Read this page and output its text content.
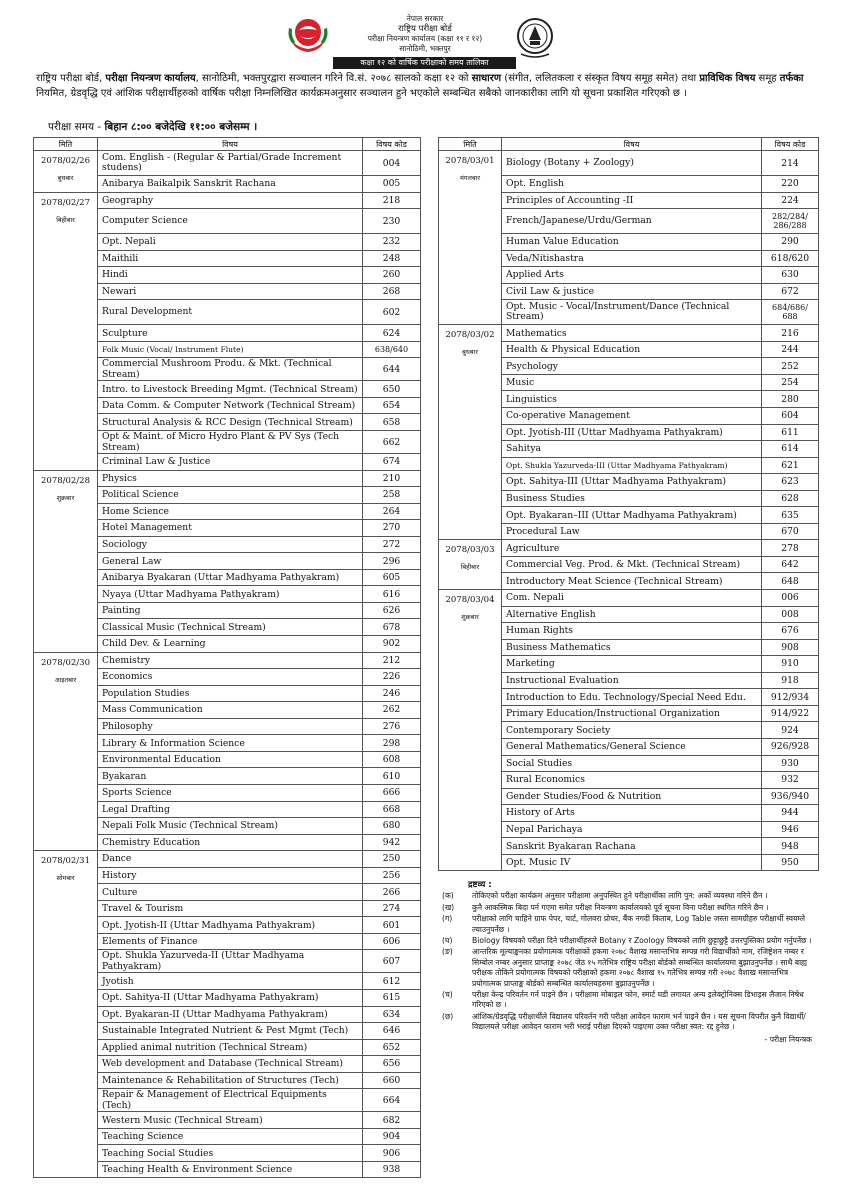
नेपाल सरकार
राष्ट्रिय परीक्षा बोर्ड
परीक्षा नियन्त्रण कार्यालय (कक्षा ११ र १२)
सानोठिमी, भक्तपुर
कक्षा १२ को वार्षिक परीक्षाको समय तालिका
राष्ट्रिय परीक्षा बोर्ड, परीक्षा नियन्त्रण कार्यालय, सानोठिमी, भक्तपुरद्वारा सञ्चालन गरिने वि.सं. २०७८ सालको कक्षा १२ को साधारण (संगीत, ललितकला र संस्कृत विषय समूह समेत) तथा प्राविधिक विषय समूह तर्फका नियमित, ग्रेडवृद्धि एवं आंशिक परीक्षार्थीहरुको वार्षिक परीक्षा निम्नलिखित कार्यक्रमअनुसार सञ्चालन हुने भएकोले सम्बन्धित सबैको जानकारीका लागि यो सूचना प्रकाशित गरिएको छ ।
परीक्षा समय - बिहान ८:०० बजेदेखि ११:०० बजेसम्म ।
मिति	विषय	विषय कोड
2078/02/26
बुधबार	Com. English - (Regular & Partial/Grade Increment studens)	004
	Anibarya Baikalpik Sanskrit Rachana	005
2078/02/27
बिहीबार	Geography	218
	Computer Science	230
	Opt. Nepali	232
	Maithili	248
	Hindi	260
	Newari	268
	Rural Development	602
	Sculpture	624
	Folk Music (Vocal/ Instrument Flute)	638/640
	Commercial Mushroom Produ. & Mkt. (Technical Stream)	644
	Intro. to Livestock Breeding Mgmt. (Technical Stream)	650
	Data Comm. & Computer Network (Technical Stream)	654
	Structural Analysis & RCC Design (Technical Stream)	658
	Opt & Maint. of Micro Hydro Plant & PV Sys (Tech Stream)	662
	Criminal Law & Justice	674
2078/02/28
शुक्रबार	Physics	210
	Political Science	258
	Home Science	264
	Hotel Management	270
	Sociology	272
	General Law	296
	Anibarya Byakaran (Uttar Madhyama Pathyakram)	605
	Nyaya (Uttar Madhyama Pathyakram)	616
	Painting	626
	Classical Music (Technical Stream)	678
	Child Dev. & Learning	902
2078/02/30
आइतबार	Chemistry	212
	Economics	226
	Population Studies	246
	Mass Communication	262
	Philosophy	276
	Library & Information Science	298
	Environmental Education	608
	Byakaran	610
	Sports Science	666
	Legal Drafting	668
	Nepali Folk Music (Technical Stream)	680
	Chemistry Education	942
2078/02/31
सोमबार	Dance	250
	History	256
	Culture	266
	Travel & Tourism	274
	Opt. Jyotish-II (Uttar Madhyama Pathyakram)	601
	Elements of Finance	606
	Opt. Shukla Yazurveda-II (Uttar Madhyama Pathyakram)	607
	Jyotish	612
	Opt. Sahitya-II (Uttar Madhyama Pathyakram)	615
	Opt. Byakaran-II (Uttar Madhyama Pathyakram)	634
	Sustainable Integrated Nutrient & Pest Mgmt (Tech)	646
	Applied animal nutrition (Technical Stream)	652
	Web development and Database (Technical Stream)	656
	Maintenance & Rehabilitation of Structures (Tech)	660
	Repair & Management of Electrical Equipments (Tech)	664
	Western Music (Technical Stream)	682
	Teaching Science	904
	Teaching Social Studies	906
	Teaching Health & Environment Science	938
मिति	विषय	विषय कोड
2078/03/01
मंगलबार	Biology (Botany + Zoology)	214
	Opt. English	220
	Principles of Accounting -II	224
	French/Japanese/Urdu/German	282/284/ 286/288
	Human Value Education	290
	Veda/Nitishastra	618/620
	Applied Arts	630
	Civil Law & justice	672
	Opt. Music - Vocal/Instrument/Dance (Technical Stream)	684/686/ 688
2078/03/02
बुधबार	Mathematics	216
	Health & Physical Education	244
	Psychology	252
	Music	254
	Linguistics	280
	Co-operative Management	604
	Opt. Jyotish-III (Uttar Madhyama Pathyakram)	611
	Sahitya	614
	Opt. Shukla Yazurveda-III (Uttar Madhyama Pathyakram)	621
	Opt. Sahitya-III (Uttar Madhyama Pathyakram)	623
	Business Studies	628
	Opt. Byakaran–III (Uttar Madhyama Pathyakram)	635
	Procedural Law	670
2078/03/03
बिहीबार	Agriculture	278
	Commercial Veg. Prod. & Mkt. (Technical Stream)	642
	Introductory Meat Science (Technical Stream)	648
2078/03/04
शुक्रबार	Com. Nepali	006
	Alternative English	008
	Human Rights	676
	Business Mathematics	908
	Marketing	910
	Instructional Evaluation	918
	Introduction to Edu. Technology/Special Need Edu.	912/934
	Primary Education/Instructional Organization	914/922
	Contemporary Society	924
	General Mathematics/General Science	926/928
	Social Studies	930
	Rural Economics	932
	Gender Studies/Food & Nutrition	936/940
	History of Arts	944
	Nepal Parichaya	946
	Sanskrit Byakaran Rachana	948
	Opt. Music IV	950
द्रष्टव्य :
(क)	तोकिएको परीक्षा कार्यक्रम अनुसार परीक्षामा अनुपस्थित हुने परीक्षार्थीका लागि पुन: अर्को व्यवस्था गरिने छैन ।
(ख)	कुनै आकस्मिक बिदा पर्न गएमा समेत परीक्षा नियन्त्रण कार्यालयको पूर्व सूचना विना परीक्षा स्थगित गरिने छैन ।
(ग)	परीक्षाको लागि चाहिने ग्राफ पेपर, चार्ट, गोलवरा प्रोचर, बैंक नगदी किताब, Log Table जस्ता सामग्रीहरु परीक्षार्थी स्वयम्ले ल्याउनुपर्नेछ ।
(घ)	Biology विषयको परीक्षा दिने परीक्षार्थीहरुले Botany र Zoology विषयको लागि छुट्टाछुट्टै उत्तरपुस्तिका प्रयोग गर्नुपर्नेछ ।
(ङ)	आन्तरिक मूल्याङ्कनका प्रयोगात्मक परीक्षाको हकमा २०७८ वैशाख मसान्तभित्र सम्पन्न गरी विद्यार्थीको नाम, रजिष्ट्रेशन नम्बर र सिम्बोल नम्बर अनुसार प्राप्ताङ्क २०७८ जेठ १५ गतेभित्र राष्ट्रिय परीक्षा बोर्डको सम्बन्धित कार्यालयमा बुझाउनुपर्नेछ । साथै बाह्य परीक्षक तोकिने प्रयोगात्मक विषयको परीक्षाको हकमा २०७८ वैशाख १५ गतेभित्र सम्पन्न गरी २०७८ वैशाख मसान्तभित्र प्रयोगात्मक प्राप्ताङ्क बोर्डको सम्बन्धित कार्यालयहरुमा बुझाउनुपर्नेछ ।
(च)	परीक्षा केन्द्र परिवर्तन गर्न पाइने छैन । परीक्षामा मोबाइल फोन, स्मार्ट घडी लगायत अन्य इलेक्ट्रोनिक्स डिभाइस लैजान निषेध गरिएको छ ।
(छ)	आंशिक/ग्रेडवृद्धि परीक्षार्थीले विद्यालय परिवर्तन गरी परीक्षा आवेदन फाराम भर्न पाइने छैन । यस सूचना विपरीत कुनै विद्यार्थी/विद्यालयले परीक्षा आवेदन फाराम भरी भराई परीक्षा दिएको पाइएमा उक्त परीक्षा स्वत: रद्द हुनेछ ।
- परीक्षा नियन्त्रक
